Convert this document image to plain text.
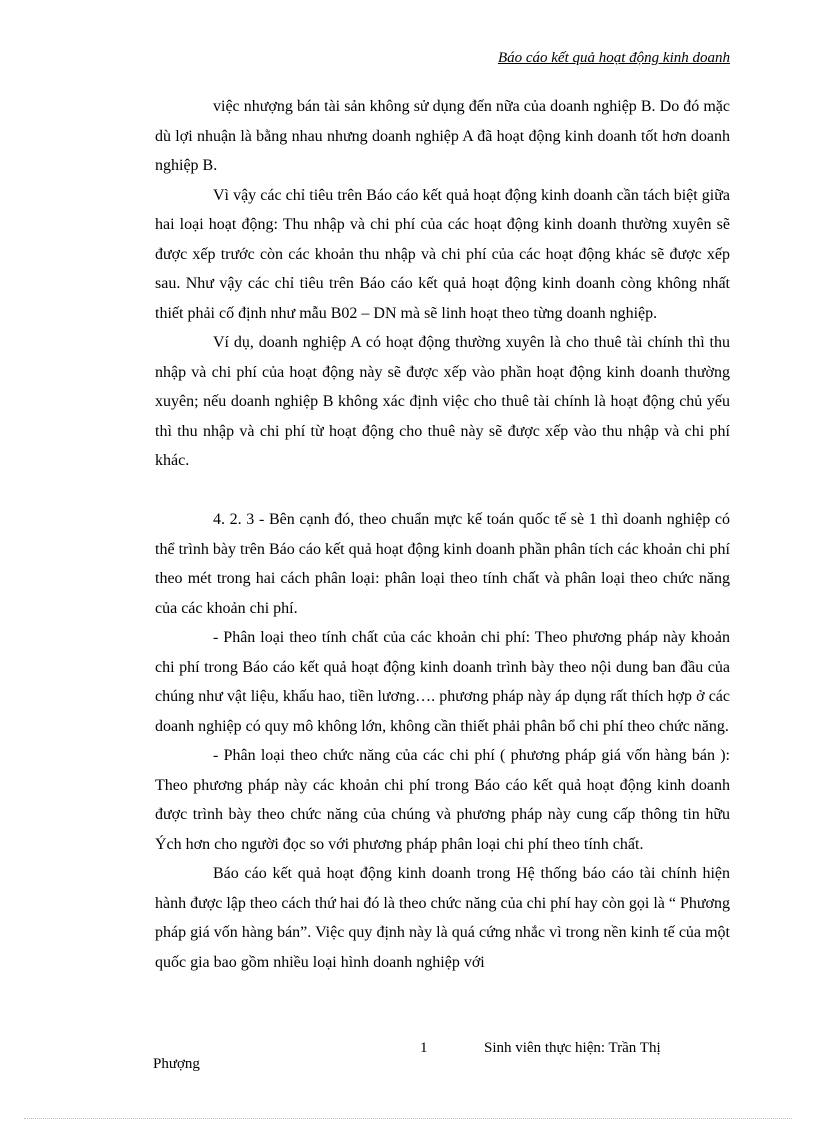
Báo cáo kết quả hoạt động kinh doanh

việc nhượng bán tài sản không sử dụng đến nữa của doanh nghiệp B. Do đó mặc dù lợi nhuận là bằng nhau nhưng doanh nghiệp A đã hoạt động kinh doanh tốt hơn doanh nghiệp B.

Vì vậy các chỉ tiêu trên Báo cáo kết quả hoạt động kinh doanh cần tách biệt giữa hai loại hoạt động: Thu nhập và chi phí của các hoạt động kinh doanh thường xuyên sẽ được xếp trước còn các khoản thu nhập và chi phí của các hoạt động khác sẽ được xếp sau. Như vậy các chỉ tiêu trên Báo cáo kết quả hoạt động kinh doanh còng không nhất thiết phải cố định như mẫu B02 – DN mà sẽ linh hoạt theo từng doanh nghiệp.

Ví dụ, doanh nghiệp A có hoạt động thường xuyên là cho thuê tài chính thì thu nhập và chi phí của hoạt động này sẽ được xếp vào phần hoạt động kinh doanh thường xuyên; nếu doanh nghiệp B không xác định việc cho thuê tài chính là hoạt động chủ yếu thì thu nhập và chi phí từ hoạt động cho thuê này sẽ được xếp vào thu nhập và chi phí khác.

4. 2. 3 - Bên cạnh đó, theo chuẩn mực kế toán quốc tế sè 1 thì doanh nghiệp có thể trình bày trên Báo cáo kết quả hoạt động kinh doanh phần phân tích các khoản chi phí theo mét trong hai cách phân loại: phân loại theo tính chất và phân loại theo chức năng của các khoản chi phí.

- Phân loại theo tính chất của các khoản chi phí: Theo phương pháp này khoản chi phí trong Báo cáo kết quả hoạt động kinh doanh trình bày theo nội dung ban đầu của chúng như vật liệu, khấu hao, tiền lương…. phương pháp này áp dụng rất thích hợp ở các doanh nghiệp có quy mô không lớn, không cần thiết phải phân bổ chi phí theo chức năng.

- Phân loại theo chức năng của các chi phí ( phương pháp giá vốn hàng bán ): Theo phương pháp này các khoản chi phí trong Báo cáo kết quả hoạt động kinh doanh được trình bày theo chức năng của chúng và phương pháp này cung cấp thông tin hữu Ých hơn cho người đọc so với phương pháp phân loại chi phí theo tính chất.

Báo cáo kết quả hoạt động kinh doanh trong Hệ thống báo cáo tài chính hiện hành được lập theo cách thứ hai đó là theo chức năng của chi phí hay còn gọi là “ Phương pháp giá vốn hàng bán”. Việc quy định này là quá cứng nhắc vì trong nền kinh tế của một quốc gia bao gồm nhiều loại hình doanh nghiệp với

1	Sinh viên thực hiện: Trần Thị
Phượng
